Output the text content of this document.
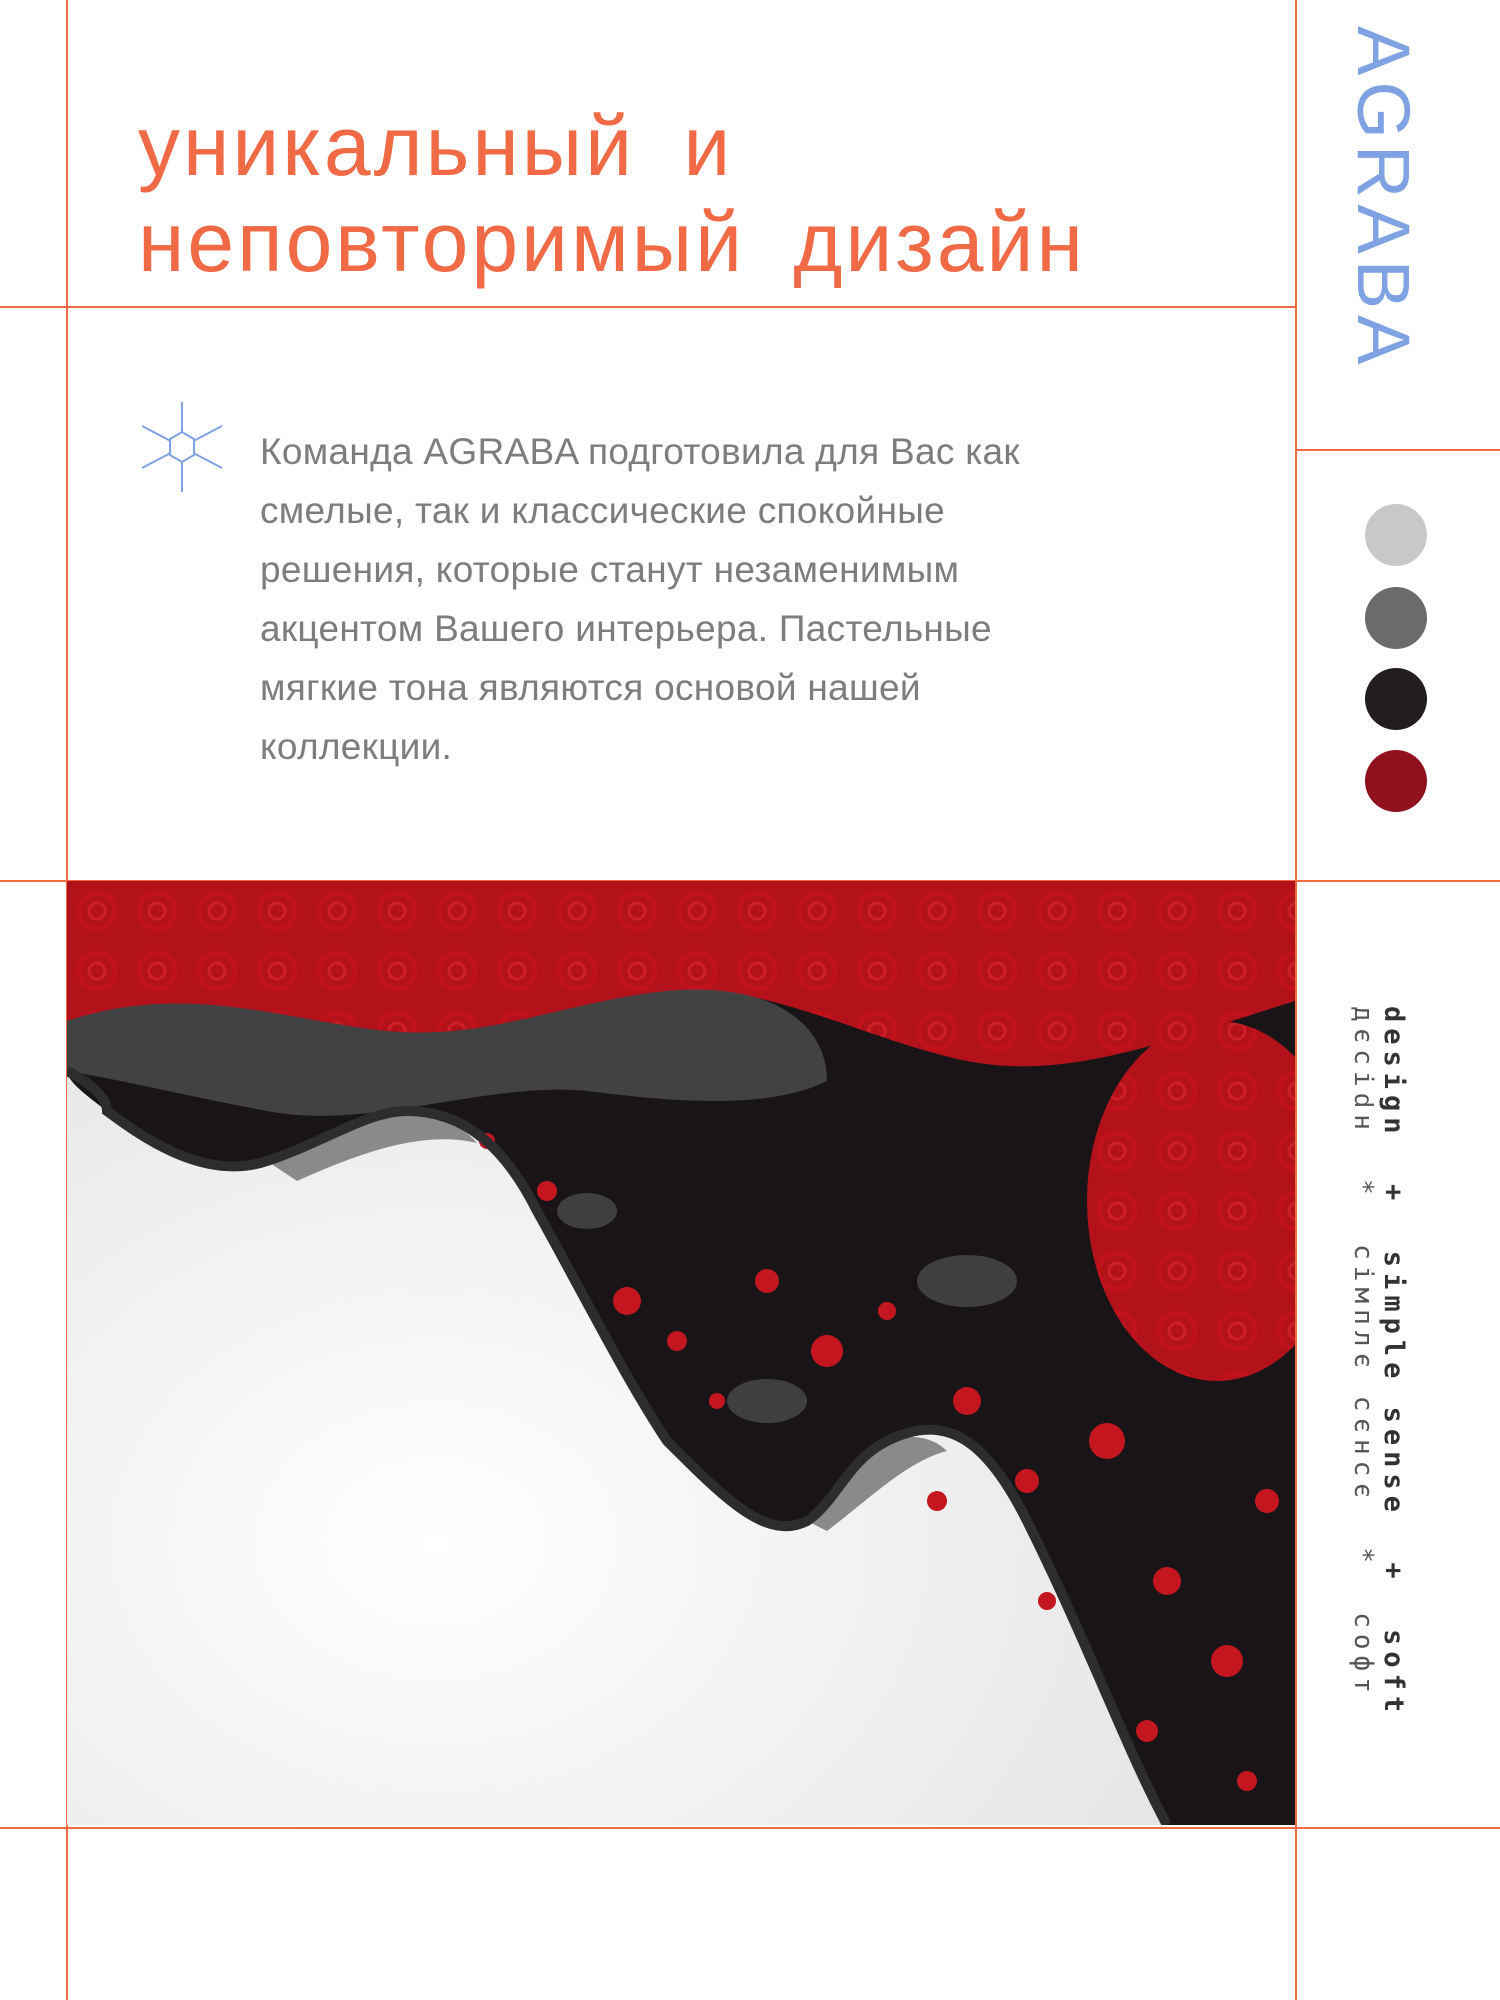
уникальный и
неповторимый дизайн	AGRABA
Команда AGRABA подготовила для Вас как
смелые, так и классические спокойные
решения, которые станут незаменимым
акцентом Вашего интерьера. Пастельные
мягкие тона являются основой нашей
коллекции.
design  +  simple sense  +  soft
дєсіԁн  *  сімплє сєнсє  *  софт
